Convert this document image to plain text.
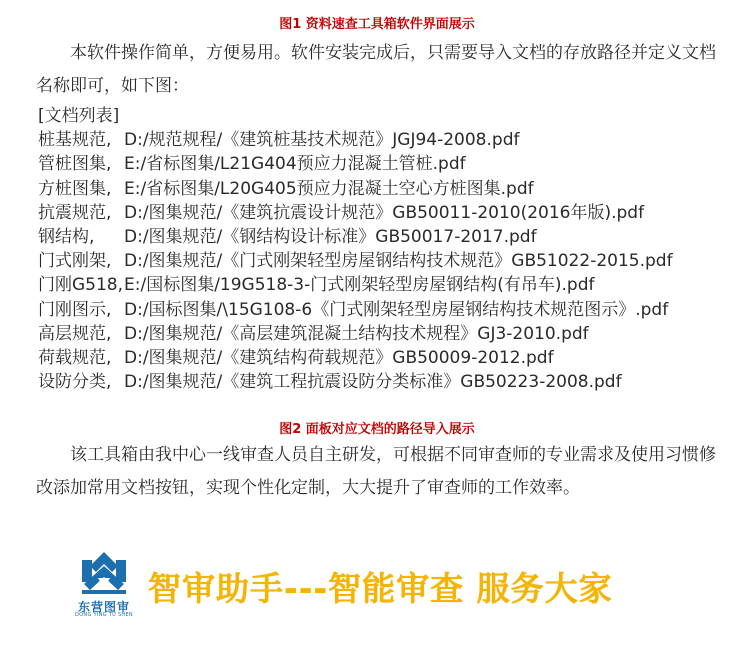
图1 资料速查工具箱软件界面展示
本软件操作简单，方便易用。软件安装完成后，只需要导入文档的存放路径并定义文档名称即可，如下图：
[文档列表]
桩基规范, D:/规范规程/《建筑桩基技术规范》JGJ94-2008.pdf
管桩图集, E:/省标图集/L21G404预应力混凝土管桩.pdf
方桩图集, E:/省标图集/L20G405预应力混凝土空心方桩图集.pdf
抗震规范, D:/图集规范/《建筑抗震设计规范》GB50011-2010(2016年版).pdf
钢结构, D:/图集规范/《钢结构设计标准》GB50017-2017.pdf
门式刚架, D:/图集规范/《门式刚架轻型房屋钢结构技术规范》GB51022-2015.pdf
门刚G518,E:/国标图集/19G518-3-门式刚架轻型房屋钢结构(有吊车).pdf
门刚图示, D:/国标图集/\15G108-6《门式刚架轻型房屋钢结构技术规范图示》.pdf
高层规范, D:/图集规范/《高层建筑混凝土结构技术规程》GJ3-2010.pdf
荷载规范, D:/图集规范/《建筑结构荷载规范》GB50009-2012.pdf
设防分类, D:/图集规范/《建筑工程抗震设防分类标准》GB50223-2008.pdf
图2 面板对应文档的路径导入展示
该工具箱由我中心一线审查人员自主研发，可根据不同审查师的专业需求及使用习惯修改添加常用文档按钮，实现个性化定制，大大提升了审查师的工作效率。
东营图审
DONG YING TU SHEN
智审助手---智能审查 服务大家
